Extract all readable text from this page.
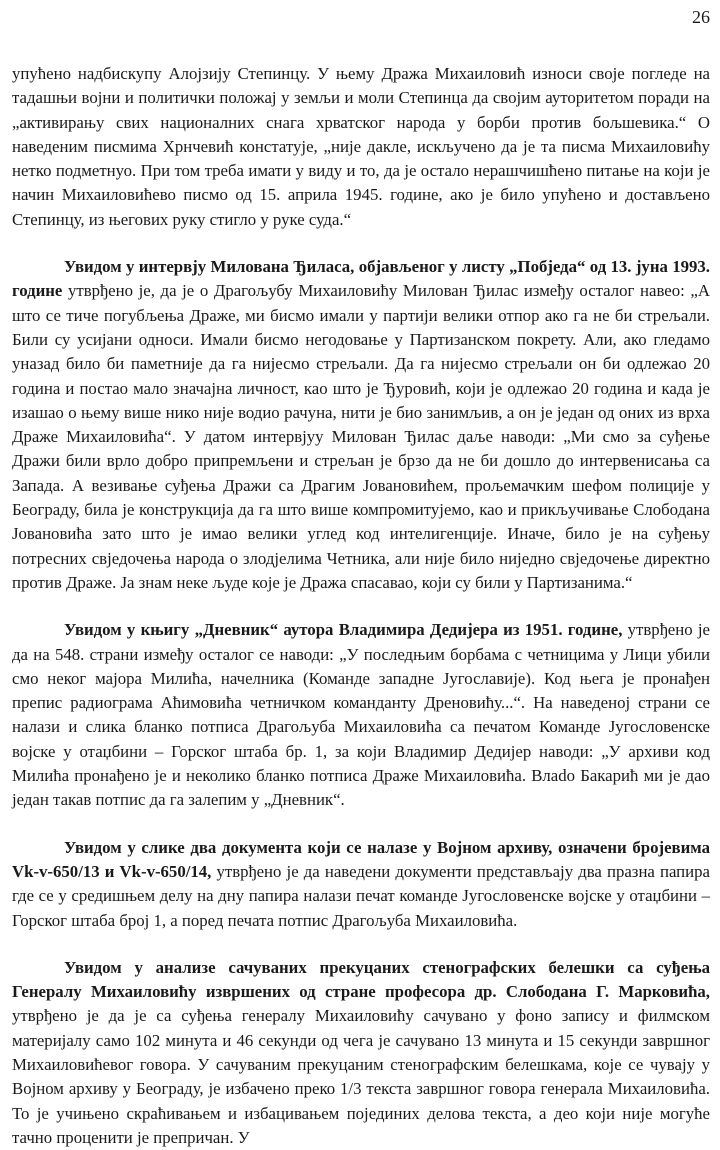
26

упућено надбискупу Алојзију Степинцу. У њему Дража Михаиловић износи своје погледе на тадашњи војни и политички положај у земљи и моли Степинца да својим ауторитетом поради на „активирању свих националних снага хрватског народа у борби против бољшевика.“ О наведеним писмима Хрнчевић констатује, „није дакле, искључено да је та писма Михаиловићу нетко подметнуо. При том треба имати у виду и то, да је остало нерашчишћено питање на који је начин Михаиловићево писмо од 15. априла 1945. године, ако је било упућено и достављено Степинцу, из његових руку стигло у руке суда.“

Увидом у интервју Милована Ђиласа, објављеног у листу „Побједа“ од 13. јуна 1993. године утврђено је, да је о Драгољубу Михаиловићу Милован Ђилас између осталог навео: „А што се тиче погубљења Драже, ми бисмо имали у партији велики отпор ако га не би стрељали. Били су усијани односи. Имали бисмо негодовање у Партизанском покрету. Али, ако гледамо уназад било би паметније да га нијесмо стрељали. Да га нијесмо стрељали он би одлежао 20 година и постао мало значајна личност, као што је Ђуровић, који је одлежао 20 година и када је изашао о њему више нико није водио рачуна, нити је био занимљив, а он је један од оних из врха Драже Михаиловића“. У датом интервјуу Милован Ђилас даље наводи: „Ми смо за суђење Дражи били врло добро припремљени и стрељан је брзо да не би дошло до интервенисања са Запада. А везивање суђења Дражи са Драгим Јовановићем, прољемачким шефом полиције у Београду, била је конструкција да га што више компромитујемо, као и прикључивање Слободана Јовановића зато што је имао велики углед код интелигенције. Иначе, било је на суђењу потресних свједочења народа о злодјелима Четника, али није било ниједно свједочење директно против Драже. Ја знам неке људе које је Дража спасавао, који су били у Партизанима.“

Увидом у књигу „Дневник“ аутора Владимира Дедијера из 1951. године, утврђено је да на 548. страни између осталог се наводи: „У последњим борбама с четницима у Лици убили смо неког мајора Милића, начелника (Команде западне Југославије). Код њега је пронађен препис радиограма Аћимовића четничком команданту Дреновићу...“. На наведеној страни се налази и слика бланко потписа Драгољуба Михаиловића са печатом Команде Југословенске војске у отаџбини – Горског штаба бр. 1, за који Владимир Дедијер наводи: „У архиви код Милића пронађено је и неколико бланко потписа Драже Михаиловића. Влadо Бакарић ми је дао један такав потпис да га залепим у „Дневник“.

Увидом у слике два документа који се налазе у Војном архиву, означени бројевима Vk-v-650/13 и Vk-v-650/14, утврђено је да наведени документи представљају два празна папира где се у средишњем делу на дну папира налази печат команде Југословенске војске у отаџбини – Горског штаба број 1, а поред печата потпис Драгољуба Михаиловића.

Увидом у анализе сачуваних прекуцаних стенографских белешки са суђења Генералу Михаиловићу извршених од стране професора др. Слободана Г. Марковића, утврђено је да је са суђења генералу Михаиловићу сачувано у фоно запису и филмском материјалу само 102 минута и 46 секунди од чега је сачувано 13 минута и 15 секунди завршног Михаиловићевог говора. У сачуваним прекуцаним стенографским белешкама, које се чувају у Војном архиву у Београду, је избачено преко 1/3 текста завршног говора генерала Михаиловића. То је учињено скраћивањем и избацивањем појединих делова текста, а део који није могуће тачно проценити је препричан. У
